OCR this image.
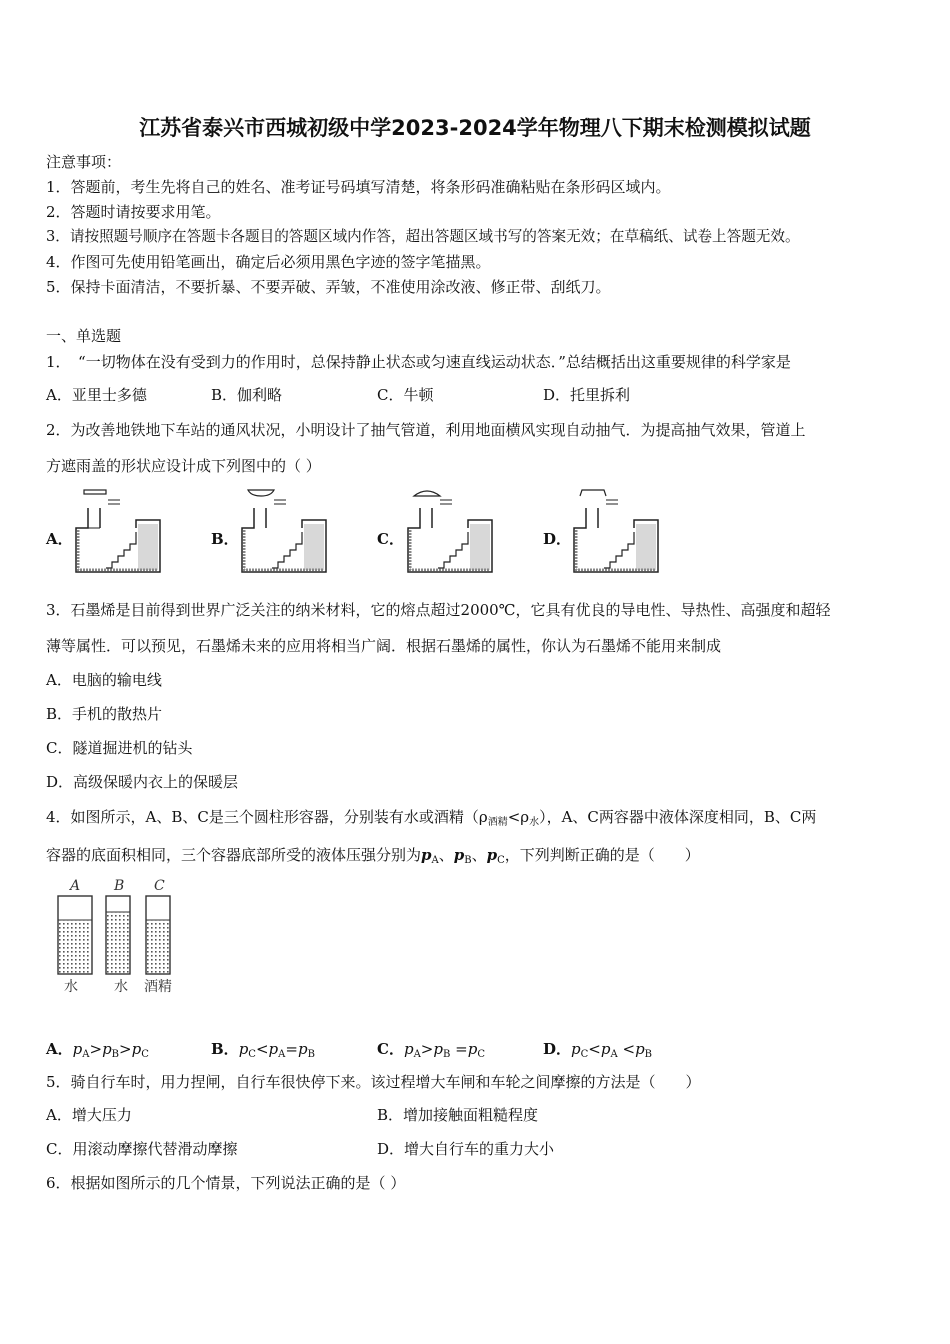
江苏省泰兴市西城初级中学2023-2024学年物理八下期末检测模拟试题
注意事项：
1．答题前，考生先将自己的姓名、准考证号码填写清楚，将条形码准确粘贴在条形码区域内。
2．答题时请按要求用笔。
3．请按照题号顺序在答题卡各题目的答题区域内作答，超出答题区域书写的答案无效；在草稿纸、试卷上答题无效。
4．作图可先使用铅笔画出，确定后必须用黑色字迹的签字笔描黑。
5．保持卡面清洁，不要折暴、不要弄破、弄皱，不准使用涂改液、修正带、刮纸刀。
一、单选题
1．　“一切物体在没有受到力的作用时，总保持静止状态或匀速直线运动状态．”总结概括出这重要规律的科学家是
A．亚里士多德	B．伽利略	C．牛顿	D．托里拆利
2．为改善地铁地下车站的通风状况，小明设计了抽气管道，利用地面横风实现自动抽气．为提高抽气效果，管道上
方遮雨盖的形状应设计成下列图中的（ ）
A．	B．	C．	D．
3．石墨烯是目前得到世界广泛关注的纳米材料，它的熔点超过2000℃，它具有优良的导电性、导热性、高强度和超轻
薄等属性．可以预见，石墨烯未来的应用将相当广阔．根据石墨烯的属性，你认为石墨烯不能用来制成
A．电脑的输电线
B．手机的散热片
C．隧道掘进机的钻头
D．高级保暖内衣上的保暖层
4．如图所示，A、B、C是三个圆柱形容器，分别装有水或酒精$(\rho_{酒精}<\rho_水)$，A、C两容器中液体深度相同，B、C两
容器的底面积相同，三个容器底部所受的液体压强分别为$p_A$、$p_B$、$p_C$，下列判断正确的是（　　）
A B C
水	水 酒精
A．$p_A>p_B>p_C$	B．$p_C<p_A=p_B$	C．$p_A>p_B =p_C$	D．$p_C<p_A <p_B$
5．骑自行车时，用力捏闸，自行车很快停下来。该过程增大车闸和车轮之间摩擦的方法是（　　）
A．增大压力	B．增加接触面粗糙程度
C．用滚动摩擦代替滑动摩擦	D．增大自行车的重力大小
6．根据如图所示的几个情景，下列说法正确的是（ ）
